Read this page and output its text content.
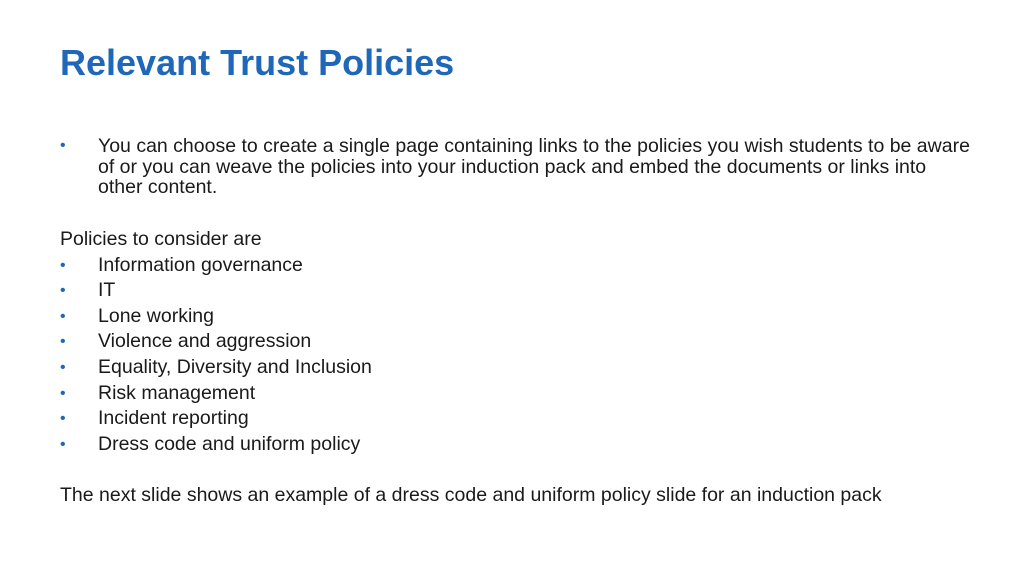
Relevant Trust Policies
• You can choose to create a single page containing links to the policies you wish students to be aware of or you can weave the policies into your induction pack and embed the documents or links into other content.

Policies to consider are

• Information governance
• IT
• Lone working
• Violence and aggression
• Equality, Diversity and Inclusion
• Risk management
• Incident reporting
• Dress code and uniform policy

The next slide shows an example of a dress code and uniform policy slide for an induction pack
